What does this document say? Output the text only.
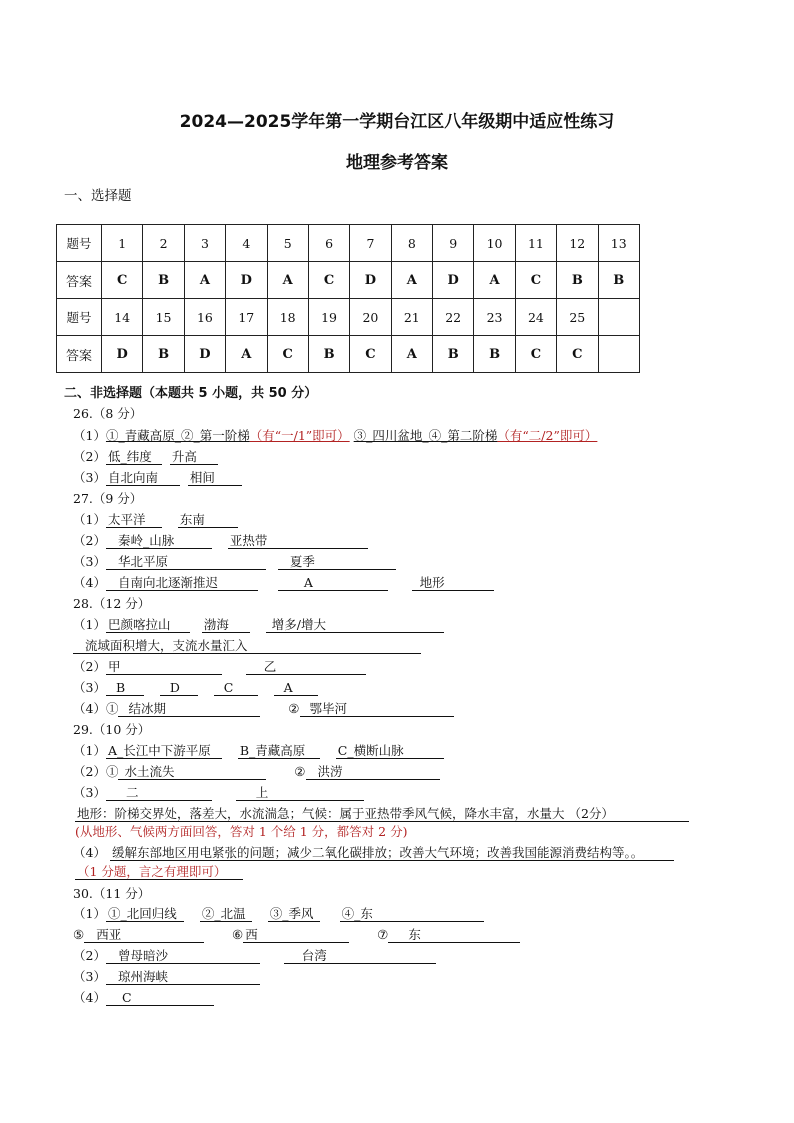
2024—2025学年第一学期台江区八年级期中适应性练习
地理参考答案
一、选择题
题号	1	2	3	4	5	6	7	8	9	10	11	12	13
答案	C	B	A	D	A	C	D	A	D	A	C	B	B
题号	14	15	16	17	18	19	20	21	22	23	24	25	
答案	D	B	D	A	C	B	C	A	B	B	C	C	
二、非选择题（本题共 5 小题，共 50 分）
26.（8 分）
（1）①_青藏高原_②_第一阶梯（有“一/1”即可） ③_四川盆地_④_第二阶梯（有“二/2”即可）
（2） 低_纬度 升高
（3） 自北向南	相间
27.（9 分）
（1） 太平洋	东南
（2） 秦岭_山脉	亚热带
（3） 华北平原	夏季
（4） 自南向北逐渐推迟	A	地形
28.（12 分）
（1） 巴颜喀拉山	渤海	增多/增大
流域面积增大，支流水量汇入
（2） 甲	乙
（3） B	D	C	A
（4）① 结冰期	② 鄂毕河
29.（10 分）
（1） A_长江中下游平原 B_青藏高原	C_横断山脉
（2）① 水土流失	② 洪涝
（3） 二	上
地形：阶梯交界处，落差大，水流湍急；气候：属于亚热带季风气候，降水丰富，水量大 （2分）
(从地形、气候两方面回答，答对 1 个给 1 分，都答对 2 分)
（4） 缓解东部地区用电紧张的问题；减少二氧化碳排放；改善大气环境；改善我国能源消费结构等。。
（1 分题，言之有理即可）
30.（11 分）
（1） ①_北回归线 ②_北温 ③_季风 ④_东
⑤ 西亚	⑥ 西	⑦ 东
（2） 曾母暗沙	台湾
（3） 琼州海峡
（4） C
